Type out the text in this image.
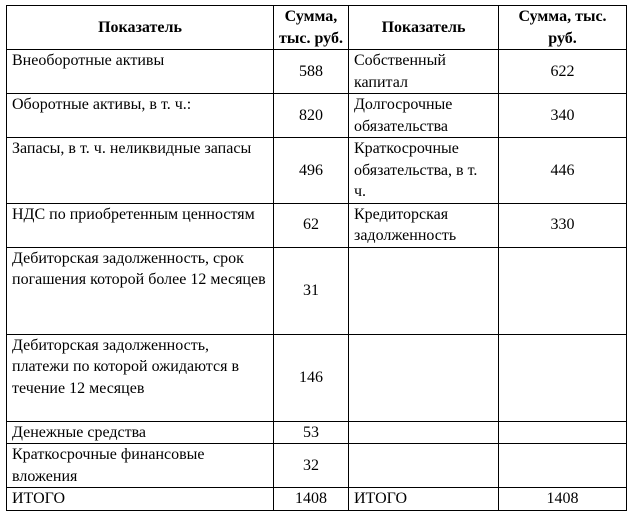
Показатель	Сумма, тыс. руб.	Показатель	Сумма, тыс. руб.
Внеоборотные активы	588	Собственный капитал	622
Оборотные активы, в т. ч.:	820	Долгосрочные обязательства	340
Запасы, в т. ч. неликвидные запасы	496	Краткосрочные обязательства, в т. ч.	446
НДС по приобретенным ценностям	62	Кредиторская задолженность	330
Дебиторская задолженность, срок погашения которой более 12 месяцев	31		
Дебиторская задолженность, платежи по которой ожидаются в течение 12 месяцев	146		
Денежные средства	53		
Краткосрочные финансовые вложения	32		
ИТОГО	1408	ИТОГО	1408
